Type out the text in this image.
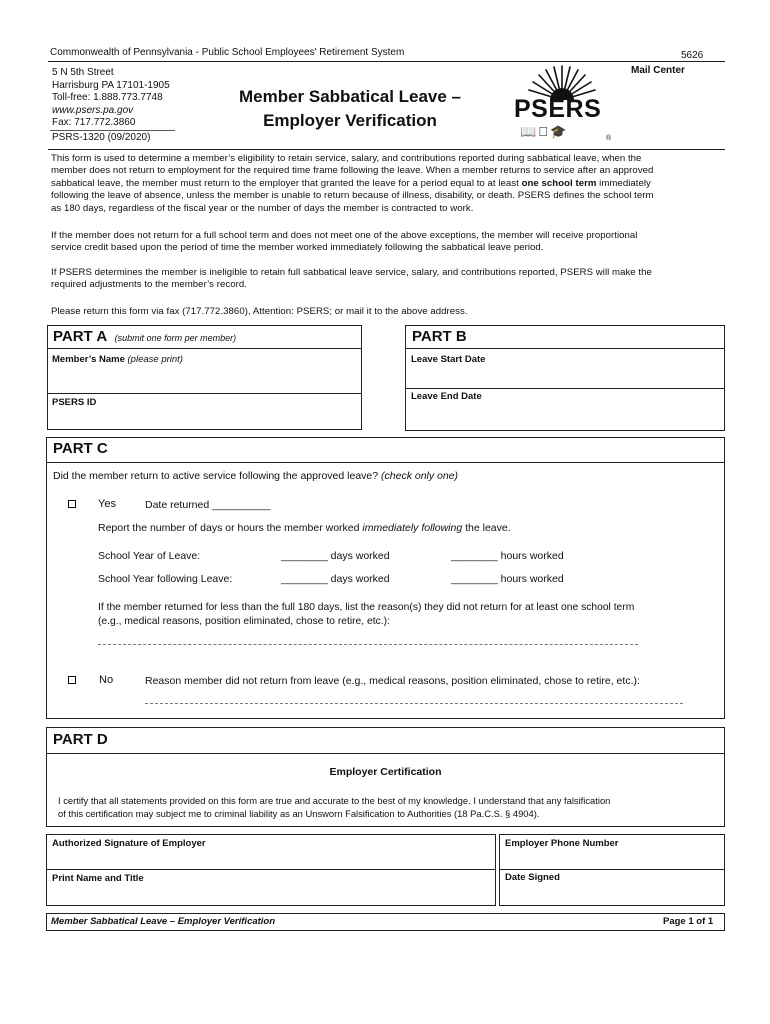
Commonwealth of Pennsylvania - Public School Employees' Retirement System	5626
Mail Center
5 N 5th Street
Harrisburg PA 17101-1905
Toll-free: 1.888.773.7748
www.psers.pa.gov
Fax: 717.772.3860
PSRS-1320 (09/2020)
Member Sabbatical Leave –
Employer Verification	PSERS
📖 🎓	®
This form is used to determine a member’s eligibility to retain service, salary, and contributions reported during sabbatical leave, when the
member does not return to employment for the required time frame following the leave. When a member returns to service after an approved
sabbatical leave, the member must return to the employer that granted the leave for a period equal to at least one school term immediately
following the leave of absence, unless the member is unable to return because of illness, disability, or death. PSERS defines the school term
as 180 days, regardless of the fiscal year or the number of days the member is contracted to work.
If the member does not return for a full school term and does not meet one of the above exceptions, the member will receive proportional
service credit based upon the period of time the member worked immediately following the sabbatical leave period.
If PSERS determines the member is ineligible to retain full sabbatical leave service, salary, and contributions reported, PSERS will make the
required adjustments to the member’s record.
Please return this form via fax (717.772.3860), Attention: PSERS; or mail it to the above address.
PART A (submit one form per member)
Member’s Name (please print)
PSERS ID
PART B
Leave Start Date
Leave End Date
PART C
Did the member return to active service following the approved leave? (check only one)
Yes	Date returned __________
Report the number of days or hours the member worked immediately following the leave.
School Year of Leave:	________ days worked	________ hours worked
School Year following Leave:	________ days worked	________ hours worked
If the member returned for less than the full 180 days, list the reason(s) they did not return for at least one school term
(e.g., medical reasons, position eliminated, chose to retire, etc.):
No	Reason member did not return from leave (e.g., medical reasons, position eliminated, chose to retire, etc.):
PART D
Employer Certification
I certify that all statements provided on this form are true and accurate to the best of my knowledge. I understand that any falsification
of this certification may subject me to criminal liability as an Unsworn Falsification to Authorities (18 Pa.C.S. § 4904).
Authorized Signature of Employer	Employer Phone Number
Print Name and Title	Date Signed
Member Sabbatical Leave – Employer Verification	Page 1 of 1
